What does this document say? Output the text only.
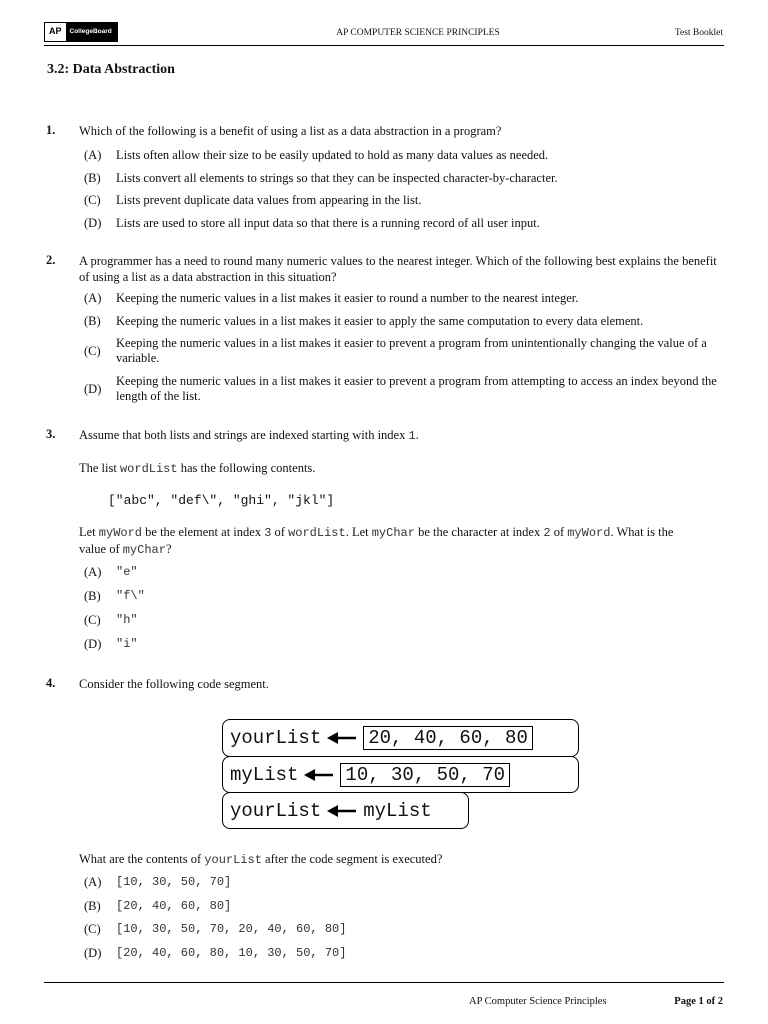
AP	CollegeBoard	AP COMPUTER SCIENCE PRINCIPLES	Test Booklet
3.2: Data Abstraction
1. Which of the following is a benefit of using a list as a data abstraction in a program?
(A)	Lists often allow their size to be easily updated to hold as many data values as needed.
(B)	Lists convert all elements to strings so that they can be inspected character-by-character.
(C)	Lists prevent duplicate data values from appearing in the list.
(D)	Lists are used to store all input data so that there is a running record of all user input.
2. A programmer has a need to round many numeric values to the nearest integer. Which of the following best explains the benefit of using a list as a data abstraction in this situation?
(A)	Keeping the numeric values in a list makes it easier to round a number to the nearest integer.
(B)	Keeping the numeric values in a list makes it easier to apply the same computation to every data element.
(C)
Keeping the numeric values in a list makes it easier to prevent a program from unintentionally changing the value of a variable.
(D)
Keeping the numeric values in a list makes it easier to prevent a program from attempting to access an index beyond the length of the list.
3. Assume that both lists and strings are indexed starting with index 1.
The list wordList has the following contents.
["abc", "def\", "ghi", "jkl"]
Let myWord be the element at index 3 of wordList. Let myChar be the character at index 2 of myWord. What is the value of myChar?
(A)	"e"
(B)	"f\"
(C)	"h"
(D)	"i"
4. Consider the following code segment.
yourList 20, 40, 60, 80
myList 10, 30, 50, 70
yourList myList
What are the contents of yourList after the code segment is executed?
(A)	[10, 30, 50, 70]
(B)	[20, 40, 60, 80]
(C)	[10, 30, 50, 70, 20, 40, 60, 80]
(D)	[20, 40, 60, 80, 10, 30, 50, 70]
AP Computer Science Principles	Page 1 of 2
